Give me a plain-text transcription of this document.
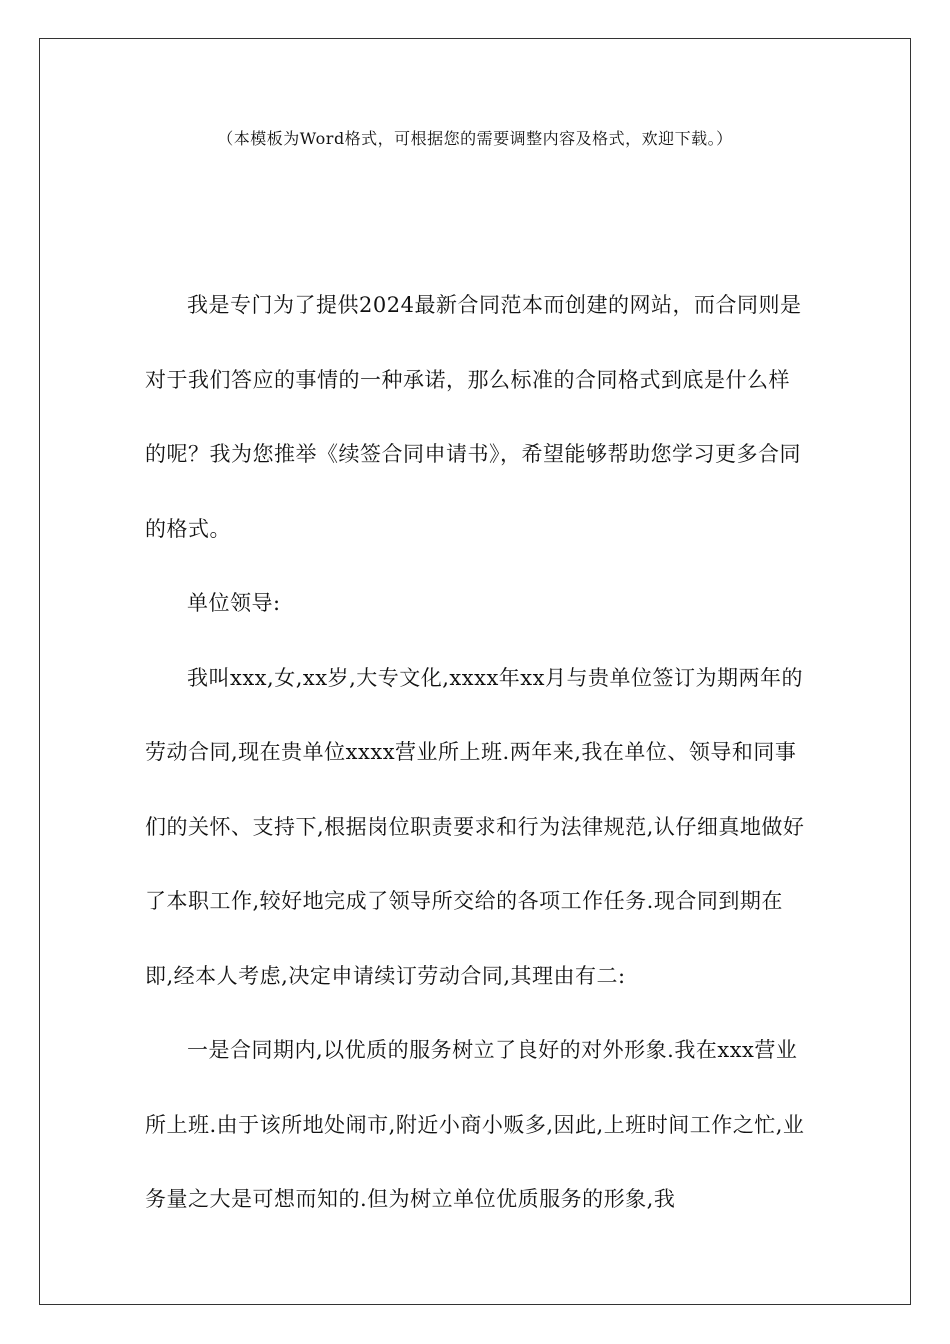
（本模板为Word格式，可根据您的需要调整内容及格式，欢迎下载。）

我是专门为了提供2024最新合同范本而创建的网站，而合同则是对于我们答应的事情的一种承诺，那么标准的合同格式到底是什么样的呢？我为您推举《续签合同申请书》，希望能够帮助您学习更多合同的格式。

单位领导:

我叫xxx,女,xx岁,大专文化,xxxx年xx月与贵单位签订为期两年的劳动合同,现在贵单位xxxx营业所上班.两年来,我在单位、领导和同事们的关怀、支持下,根据岗位职责要求和行为法律规范,认仔细真地做好了本职工作,较好地完成了领导所交给的各项工作任务.现合同到期在即,经本人考虑,决定申请续订劳动合同,其理由有二:

一是合同期内,以优质的服务树立了良好的对外形象.我在xxx营业所上班.由于该所地处闹市,附近小商小贩多,因此,上班时间工作之忙,业务量之大是可想而知的.但为树立单位优质服务的形象,我
